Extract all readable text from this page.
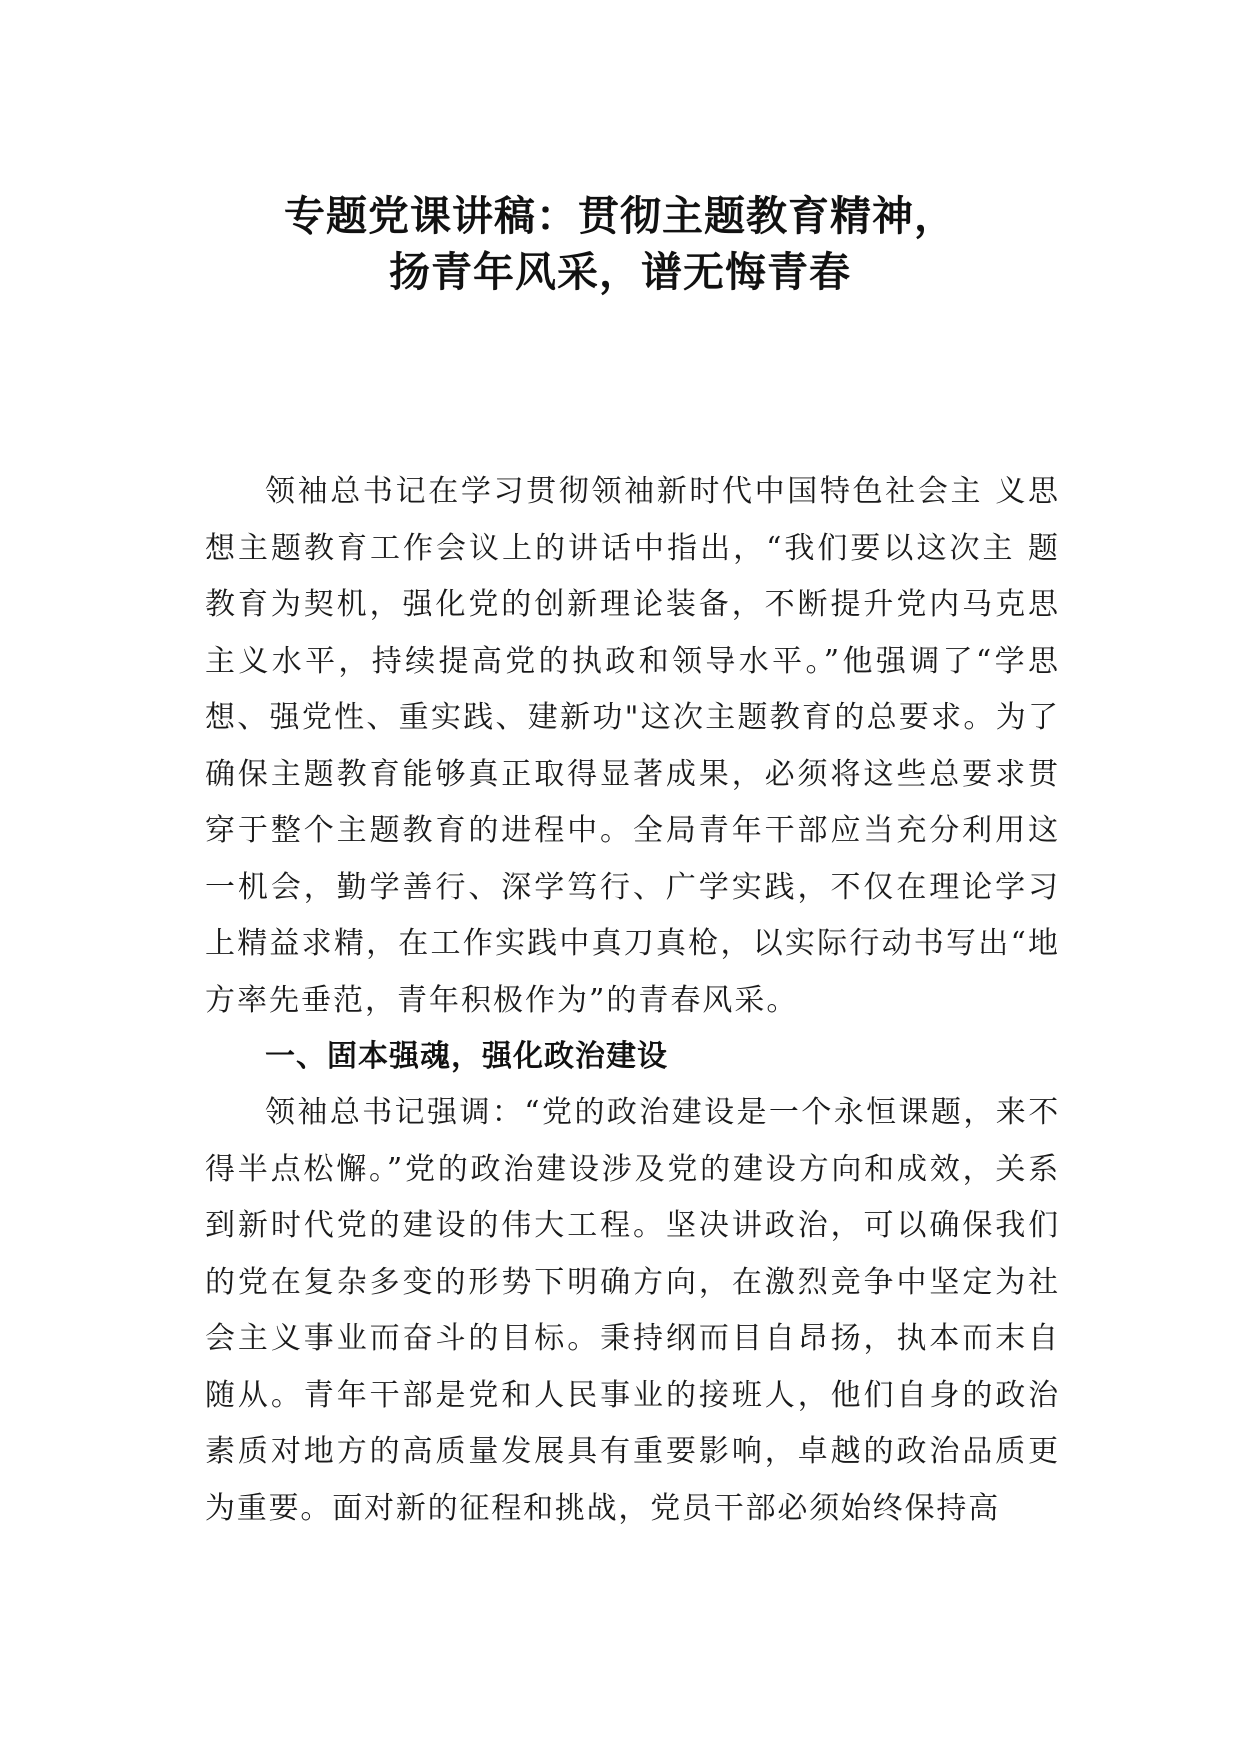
专题党课讲稿：贯彻主题教育精神，
扬青年风采，谱无悔青春

领袖总书记在学习贯彻领袖新时代中国特色社会主 义思想主题教育工作会议上的讲话中指出，“我们要以这次主 题教育为契机，强化党的创新理论装备，不断提升党内马克思主义水平，持续提高党的执政和领导水平。”他强调了“学思想、强党性、重实践、建新功"这次主题教育的总要求。为了确保主题教育能够真正取得显著成果，必须将这些总要求贯穿于整个主题教育的进程中。全局青年干部应当充分利用这一机会，勤学善行、深学笃行、广学实践，不仅在理论学习上精益求精，在工作实践中真刀真枪，以实际行动书写出“地方率先垂范，青年积极作为”的青春风采。

一、固本强魂，强化政治建设

领袖总书记强调：“党的政治建设是一个永恒课题，来不得半点松懈。”党的政治建设涉及党的建设方向和成效，关系到新时代党的建设的伟大工程。坚决讲政治，可以确保我们的党在复杂多变的形势下明确方向，在激烈竞争中坚定为社会主义事业而奋斗的目标。秉持纲而目自昂扬，执本而末自随从。青年干部是党和人民事业的接班人，他们自身的政治素质对地方的高质量发展具有重要影响，卓越的政治品质更为重要。面对新的征程和挑战，党员干部必须始终保持高
